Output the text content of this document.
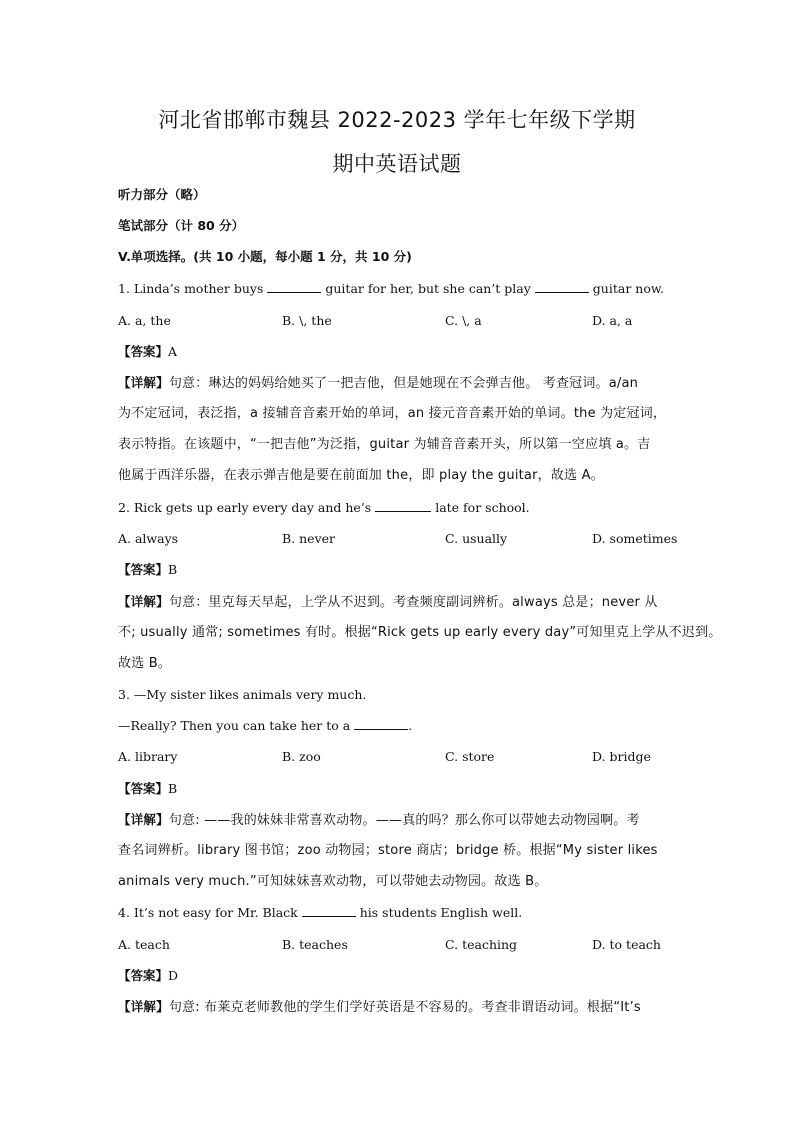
河北省邯郸市魏县 2022-2023 学年七年级下学期
期中英语试题
听力部分（略）
笔试部分（计 80 分）
V.单项选择。(共 10 小题，每小题 1 分，共 10 分)
1. Linda’s mother buys	guitar for her, but she can’t play	guitar now.
A. a, the	B. \, the	C. \, a	D. a, a
【答案】A
【详解】句意：琳达的妈妈给她买了一把吉他，但是她现在不会弹吉他。 考查冠词。a/an
为不定冠词，表泛指，a 接辅音音素开始的单词，an 接元音音素开始的单词。the 为定冠词，
表示特指。在该题中，“一把吉他”为泛指，guitar 为辅音音素开头，所以第一空应填 a。吉
他属于西洋乐器，在表示弹吉他是要在前面加 the，即 play the guitar，故选 A。
2. Rick gets up early every day and he’s	late for school.
A. always	B. never	C. usually	D. sometimes
【答案】B
【详解】句意：里克每天早起，上学从不迟到。考查频度副词辨析。always 总是；never 从
不; usually 通常; sometimes 有时。根据“Rick gets up early every day”可知里克上学从不迟到。
故选 B。
3. —My sister likes animals very much.
—Really? Then you can take her to a	.
A. library	B. zoo	C. store	D. bridge
【答案】B
【详解】句意: ——我的妹妹非常喜欢动物。——真的吗？那么你可以带她去动物园啊。考
查名词辨析。library 图书馆；zoo 动物园；store 商店；bridge 桥。根据“My sister likes
animals very much.”可知妹妹喜欢动物，可以带她去动物园。故选 B。
4. It’s not easy for Mr. Black	his students English well.
A. teach	B. teaches	C. teaching	D. to teach
【答案】D
【详解】句意: 布莱克老师教他的学生们学好英语是不容易的。考查非谓语动词。根据“It’s
